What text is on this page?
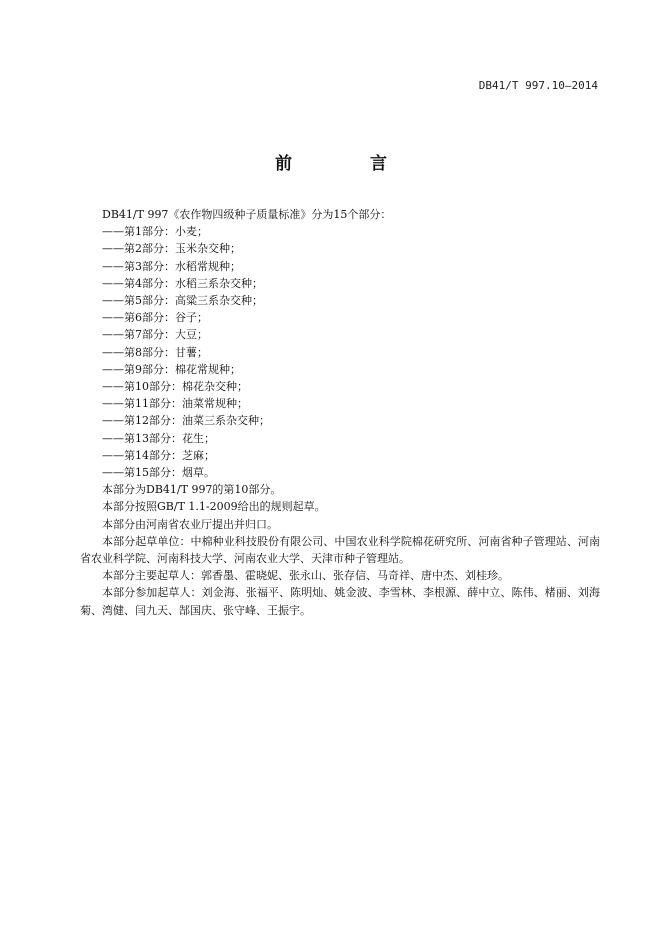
DB41/T 997.10—2014
前 言
DB41/T 997《农作物四级种子质量标准》分为15个部分：
——第1部分：小麦；
——第2部分：玉米杂交种；
——第3部分：水稻常规种；
——第4部分：水稻三系杂交种；
——第5部分：高粱三系杂交种；
——第6部分：谷子；
——第7部分：大豆；
——第8部分：甘薯；
——第9部分：棉花常规种；
——第10部分：棉花杂交种；
——第11部分：油菜常规种；
——第12部分：油菜三系杂交种；
——第13部分：花生；
——第14部分：芝麻；
——第15部分：烟草。
本部分为DB41/T 997的第10部分。
本部分按照GB/T 1.1-2009给出的规则起草。
本部分由河南省农业厅提出并归口。
本部分起草单位：中棉种业科技股份有限公司、中国农业科学院棉花研究所、河南省种子管理站、河南省农业科学院、河南科技大学、河南农业大学、天津市种子管理站。
本部分主要起草人：郭香墨、霍晓妮、张永山、张存信、马奇祥、唐中杰、刘桂珍。
本部分参加起草人：刘金海、张福平、陈明灿、姚金波、李雪林、李根源、薛中立、陈伟、楮丽、刘海菊、湾健、闫九天、郜国庆、张守峰、王振宇。
